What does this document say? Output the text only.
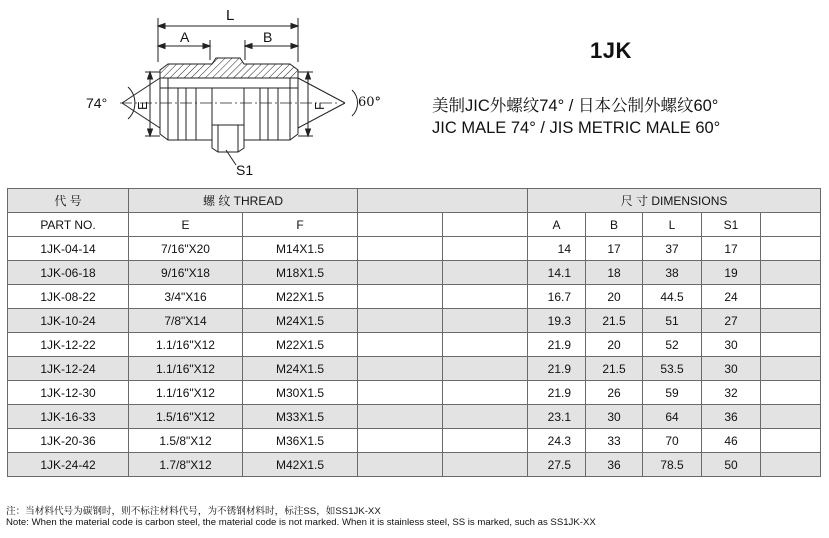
L
A	B
E	F
74°	60°
S1
1JK
美制JIC外螺纹74° / 日本公制外螺纹60°
JIC MALE 74° / JIS METRIC MALE 60°
代 号	螺 纹 THREAD				尺 寸 DIMENSIONS				
PART NO.	E	F			A	B	L	S1	
1JK-04-14	7/16"X20	M14X1.5			14	17	37	17	
1JK-06-18	9/16"X18	M18X1.5			14.1	18	38	19	
1JK-08-22	3/4"X16	M22X1.5			16.7	20	44.5	24	
1JK-10-24	7/8"X14	M24X1.5			19.3	21.5	51	27	
1JK-12-22	1.1/16"X12	M22X1.5			21.9	20	52	30	
1JK-12-24	1.1/16"X12	M24X1.5			21.9	21.5	53.5	30	
1JK-12-30	1.1/16"X12	M30X1.5			21.9	26	59	32	
1JK-16-33	1.5/16"X12	M33X1.5			23.1	30	64	36	
1JK-20-36	1.5/8"X12	M36X1.5			24.3	33	70	46	
1JK-24-42	1.7/8"X12	M42X1.5			27.5	36	78.5	50	
注：当材料代号为碳钢时，则不标注材料代号，为不锈钢材料时，标注SS，如SS1JK-XX
Note: When the material code is carbon steel, the material code is not marked. When it is stainless steel, SS is marked, such as SS1JK-XX
